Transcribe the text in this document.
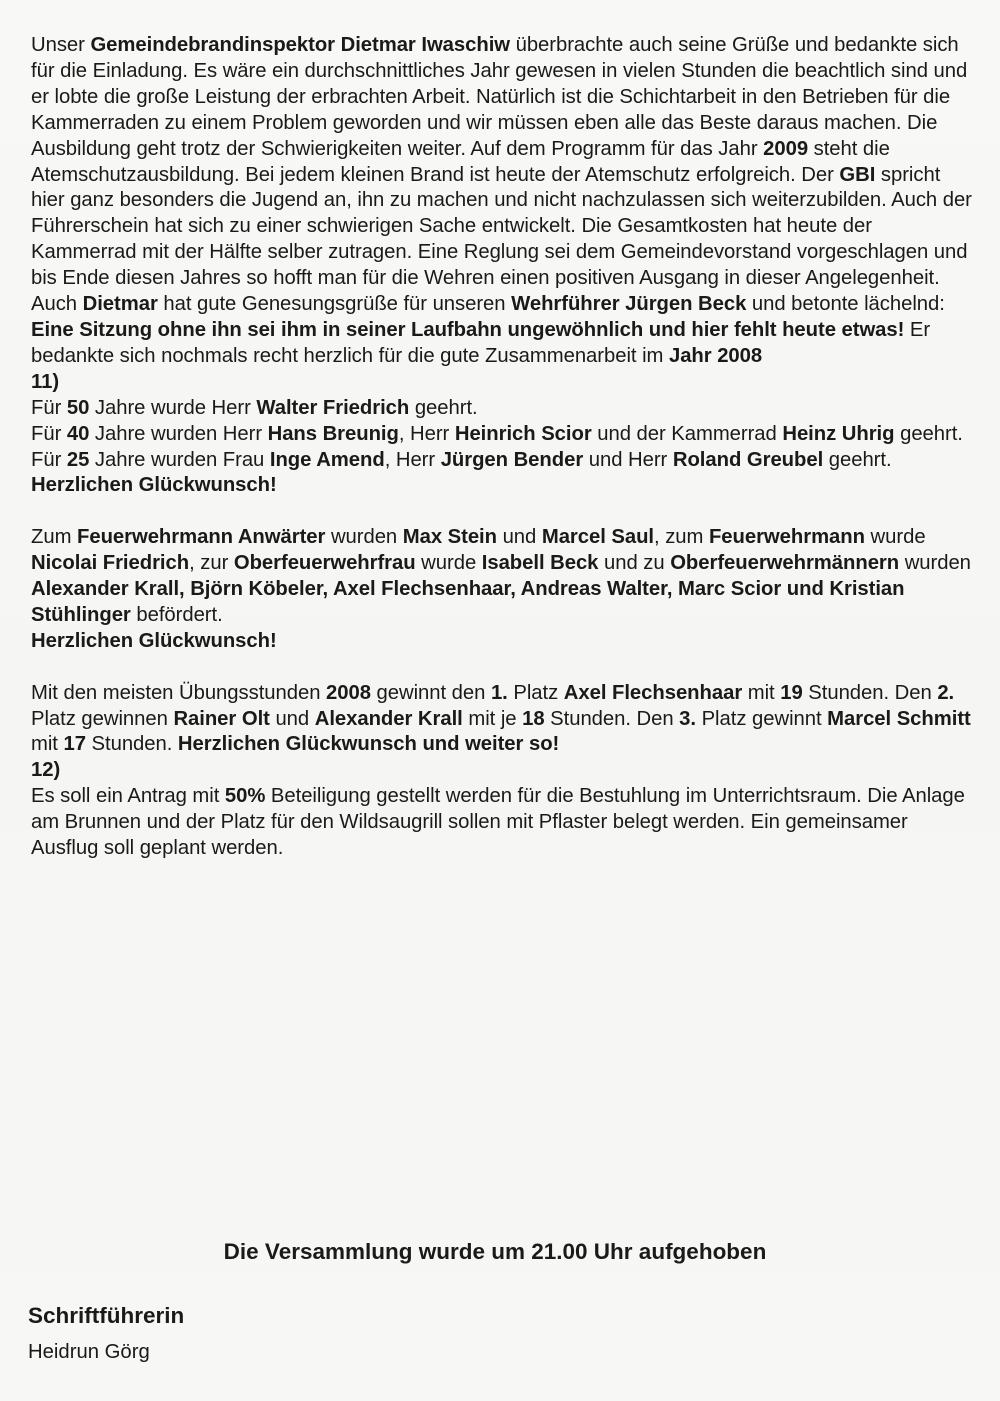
Unser Gemeindebrandinspektor Dietmar Iwaschiw überbrachte auch seine Grüße und bedankte sich für die Einladung. Es wäre ein durchschnittliches Jahr gewesen in vielen Stunden die beachtlich sind und er lobte die große Leistung der erbrachten Arbeit. Natürlich ist die Schichtarbeit in den Betrieben für die Kammerraden zu einem Problem geworden und wir müssen eben alle das Beste daraus machen. Die Ausbildung geht trotz der Schwierigkeiten weiter. Auf dem Programm für das Jahr 2009 steht die Atemschutzausbildung. Bei jedem kleinen Brand ist heute der Atemschutz erfolgreich. Der GBI spricht hier ganz besonders die Jugend an, ihn zu machen und nicht nachzulassen sich weiterzubilden. Auch der Führerschein hat sich zu einer schwierigen Sache entwickelt. Die Gesamtkosten hat heute der Kammerrad mit der Hälfte selber zutragen. Eine Reglung sei dem Gemeindevorstand vorgeschlagen und bis Ende diesen Jahres so hofft man für die Wehren einen positiven Ausgang in dieser Angelegenheit. Auch Dietmar hat gute Genesungsgrüße für unseren Wehrführer Jürgen Beck und betonte lächelnd: Eine Sitzung ohne ihn sei ihm in seiner Laufbahn ungewöhnlich und hier fehlt heute etwas! Er bedankte sich nochmals recht herzlich für die gute Zusammenarbeit im Jahr 2008

11)

Für 50 Jahre wurde Herr Walter Friedrich geehrt.

Für 40 Jahre wurden Herr Hans Breunig, Herr Heinrich Scior und der Kammerrad Heinz Uhrig geehrt.

Für 25 Jahre wurden Frau Inge Amend, Herr Jürgen Bender und Herr Roland Greubel geehrt. Herzlichen Glückwunsch!

Zum Feuerwehrmann Anwärter wurden Max Stein und Marcel Saul, zum Feuerwehrmann wurde Nicolai Friedrich, zur Oberfeuerwehrfrau wurde Isabell Beck und zu Oberfeuerwehrmännern wurden Alexander Krall, Björn Köbeler, Axel Flechsenhaar, Andreas Walter, Marc Scior und Kristian Stühlinger befördert.

Herzlichen Glückwunsch!

Mit den meisten Übungsstunden 2008 gewinnt den 1. Platz Axel Flechsenhaar mit 19 Stunden. Den 2. Platz gewinnen Rainer Olt und Alexander Krall mit je 18 Stunden. Den 3. Platz gewinnt Marcel Schmitt mit 17 Stunden. Herzlichen Glückwunsch und weiter so!

12)

Es soll ein Antrag mit 50% Beteiligung gestellt werden für die Bestuhlung im Unterrichtsraum. Die Anlage am Brunnen und der Platz für den Wildsaugrill sollen mit Pflaster belegt werden. Ein gemeinsamer Ausflug soll geplant werden.

Die Versammlung wurde um 21.00 Uhr aufgehoben
Schriftführerin
Heidrun Görg
